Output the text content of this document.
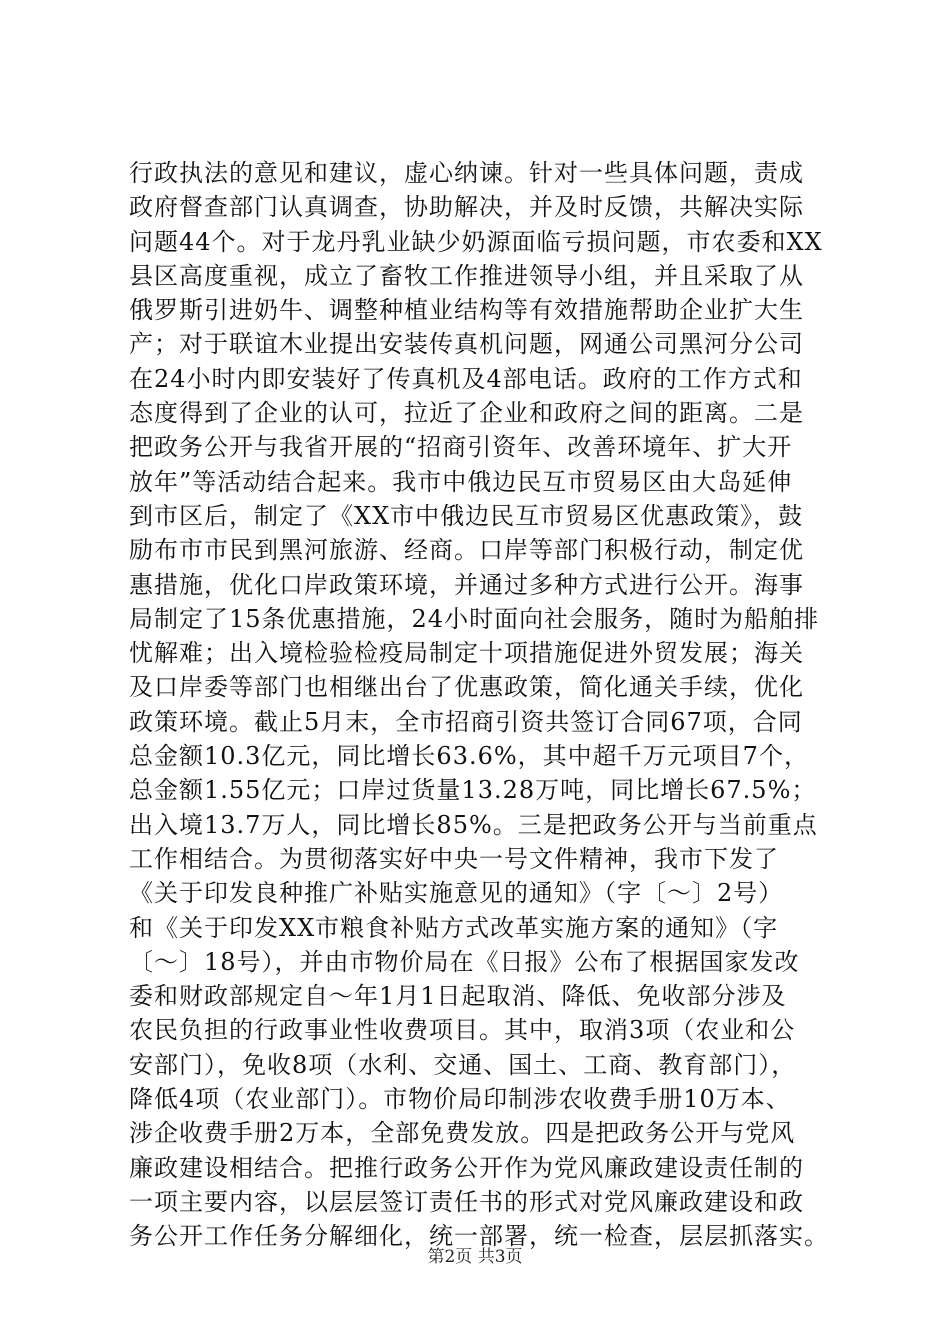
行政执法的意见和建议，虚心纳谏。针对一些具体问题，责成
政府督查部门认真调查，协助解决，并及时反馈，共解决实际
问题44个。对于龙丹乳业缺少奶源面临亏损问题，市农委和XX
县区高度重视，成立了畜牧工作推进领导小组，并且采取了从
俄罗斯引进奶牛、调整种植业结构等有效措施帮助企业扩大生
产；对于联谊木业提出安装传真机问题，网通公司黑河分公司
在24小时内即安装好了传真机及4部电话。政府的工作方式和
态度得到了企业的认可，拉近了企业和政府之间的距离。二是
把政务公开与我省开展的“招商引资年、改善环境年、扩大开
放年”等活动结合起来。我市中俄边民互市贸易区由大岛延伸
到市区后，制定了《XX市中俄边民互市贸易区优惠政策》，鼓
励布市市民到黑河旅游、经商。口岸等部门积极行动，制定优
惠措施，优化口岸政策环境，并通过多种方式进行公开。海事
局制定了15条优惠措施，24小时面向社会服务，随时为船舶排
忧解难；出入境检验检疫局制定十项措施促进外贸发展；海关
及口岸委等部门也相继出台了优惠政策，简化通关手续，优化
政策环境。截止5月末，全市招商引资共签订合同67项，合同
总金额10.3亿元，同比增长63.6%，其中超千万元项目7个，
总金额1.55亿元；口岸过货量13.28万吨，同比增长67.5%；
出入境13.7万人，同比增长85%。三是把政务公开与当前重点
工作相结合。为贯彻落实好中央一号文件精神，我市下发了
《关于印发良种推广补贴实施意见的通知》（字〔～〕2号）
和《关于印发XX市粮食补贴方式改革实施方案的通知》（字
〔～〕18号），并由市物价局在《日报》公布了根据国家发改
委和财政部规定自～年1月1日起取消、降低、免收部分涉及
农民负担的行政事业性收费项目。其中，取消3项（农业和公
安部门），免收8项（水利、交通、国土、工商、教育部门），
降低4项（农业部门）。市物价局印制涉农收费手册10万本、
涉企收费手册2万本，全部免费发放。四是把政务公开与党风
廉政建设相结合。把推行政务公开作为党风廉政建设责任制的
一项主要内容，以层层签订责任书的形式对党风廉政建设和政
务公开工作任务分解细化，统一部署，统一检查，层层抓落实。
第2页 共3页
